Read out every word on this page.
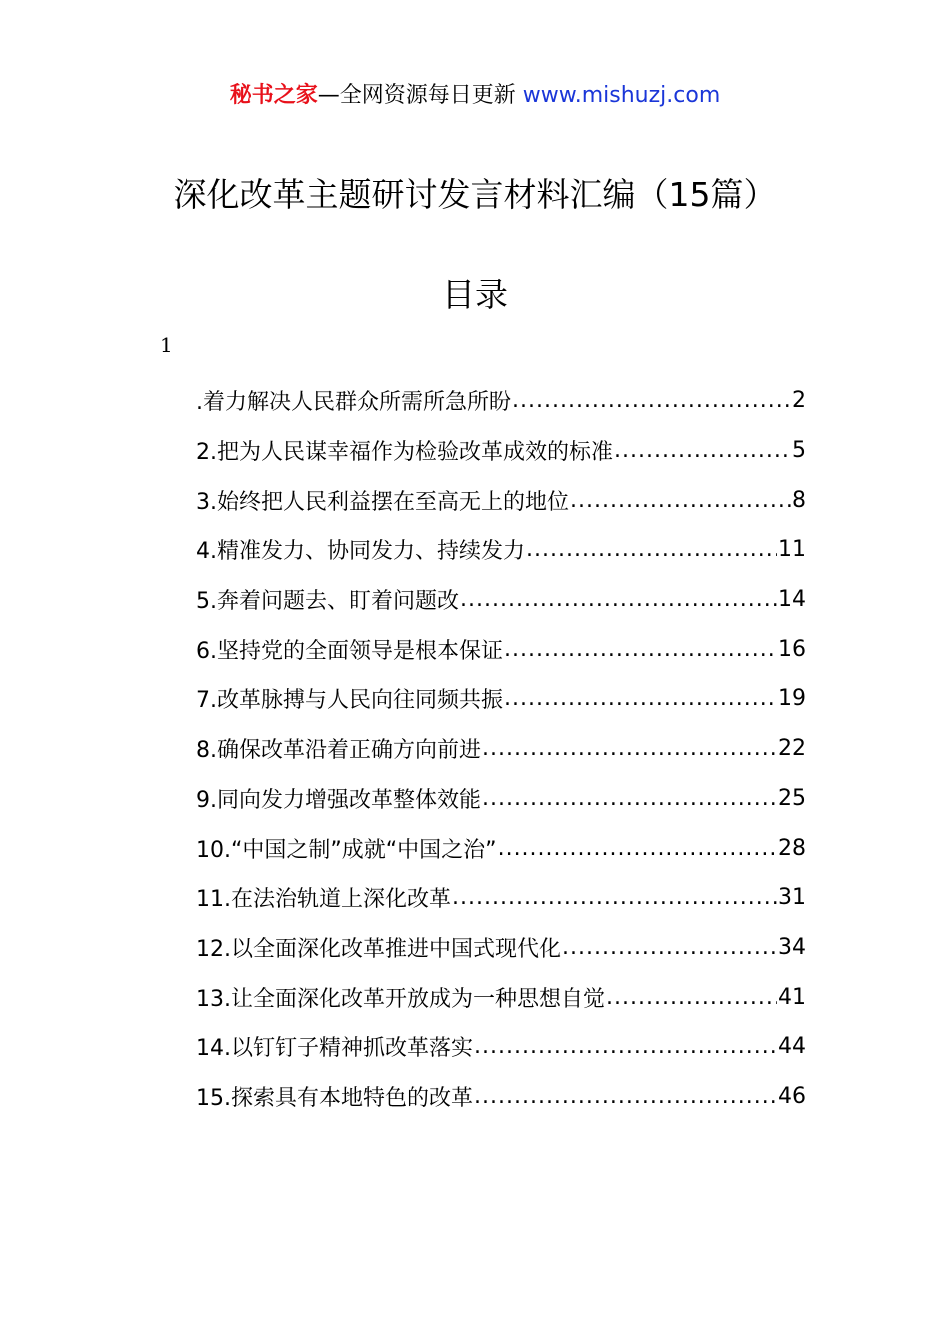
秘书之家—全网资源每日更新 www.mishuzj.com
深化改革主题研讨发言材料汇编（15篇）
目录
1
.着力解决人民群众所需所急所盼 .....	2
2.把为人民谋幸福作为检验改革成效的标准 .....	5
3.始终把人民利益摆在至高无上的地位 .....	8
4.精准发力、协同发力、持续发力 .....	11
5.奔着问题去、盯着问题改 .....	14
6.坚持党的全面领导是根本保证 .....	16
7.改革脉搏与人民向往同频共振 .....	19
8.确保改革沿着正确方向前进 .....	22
9.同向发力增强改革整体效能 .....	25
10.“中国之制”成就“中国之治” .....	28
11.在法治轨道上深化改革 .....	31
12.以全面深化改革推进中国式现代化 .....	34
13.让全面深化改革开放成为一种思想自觉 .....	41
14.以钉钉子精神抓改革落实 .....	44
15.探索具有本地特色的改革 .....	46
